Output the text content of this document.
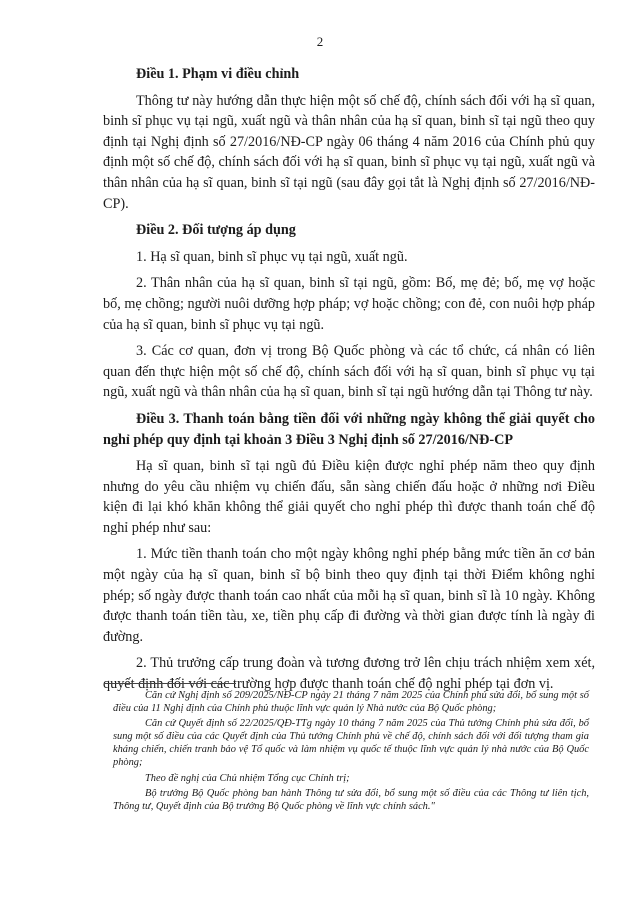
2

Điều 1. Phạm vi điều chỉnh

Thông tư này hướng dẫn thực hiện một số chế độ, chính sách đối với hạ sĩ quan, binh sĩ phục vụ tại ngũ, xuất ngũ và thân nhân của hạ sĩ quan, binh sĩ tại ngũ theo quy định tại Nghị định số 27/2016/NĐ-CP ngày 06 tháng 4 năm 2016 của Chính phủ quy định một số chế độ, chính sách đối với hạ sĩ quan, binh sĩ phục vụ tại ngũ, xuất ngũ và thân nhân của hạ sĩ quan, binh sĩ tại ngũ (sau đây gọi tắt là Nghị định số 27/2016/NĐ-CP).

Điều 2. Đối tượng áp dụng

1. Hạ sĩ quan, binh sĩ phục vụ tại ngũ, xuất ngũ.

2. Thân nhân của hạ sĩ quan, binh sĩ tại ngũ, gồm: Bố, mẹ đẻ; bố, mẹ vợ hoặc bố, mẹ chồng; người nuôi dưỡng hợp pháp; vợ hoặc chồng; con đẻ, con nuôi hợp pháp của hạ sĩ quan, binh sĩ phục vụ tại ngũ.

3. Các cơ quan, đơn vị trong Bộ Quốc phòng và các tổ chức, cá nhân có liên quan đến thực hiện một số chế độ, chính sách đối với hạ sĩ quan, binh sĩ phục vụ tại ngũ, xuất ngũ và thân nhân của hạ sĩ quan, binh sĩ tại ngũ hướng dẫn tại Thông tư này.

Điều 3. Thanh toán bằng tiền đối với những ngày không thể giải quyết cho nghỉ phép quy định tại khoản 3 Điều 3 Nghị định số 27/2016/NĐ-CP

Hạ sĩ quan, binh sĩ tại ngũ đủ Điều kiện được nghỉ phép năm theo quy định nhưng do yêu cầu nhiệm vụ chiến đấu, sẵn sàng chiến đấu hoặc ở những nơi Điều kiện đi lại khó khăn không thể giải quyết cho nghỉ phép thì được thanh toán chế độ nghỉ phép như sau:

1. Mức tiền thanh toán cho một ngày không nghỉ phép bằng mức tiền ăn cơ bản một ngày của hạ sĩ quan, binh sĩ bộ binh theo quy định tại thời Điểm không nghỉ phép; số ngày được thanh toán cao nhất của mỗi hạ sĩ quan, binh sĩ là 10 ngày. Không được thanh toán tiền tàu, xe, tiền phụ cấp đi đường và thời gian được tính là ngày đi đường.

2. Thủ trưởng cấp trung đoàn và tương đương trở lên chịu trách nhiệm xem xét, quyết định đối với các trường hợp được thanh toán chế độ nghỉ phép tại đơn vị.

Căn cứ Nghị định số 209/2025/NĐ-CP ngày 21 tháng 7 năm 2025 của Chính phủ sửa đổi, bổ sung một số điều của 11 Nghị định của Chính phủ thuộc lĩnh vực quản lý Nhà nước của Bộ Quốc phòng;

Căn cứ Quyết định số 22/2025/QĐ-TTg ngày 10 tháng 7 năm 2025 của Thủ tướng Chính phủ sửa đổi, bổ sung một số điều của các Quyết định của Thủ tướng Chính phủ về chế độ, chính sách đối với đối tượng tham gia kháng chiến, chiến tranh bảo vệ Tổ quốc và làm nhiệm vụ quốc tế thuộc lĩnh vực quản lý nhà nước của Bộ Quốc phòng;

Theo đề nghị của Chủ nhiệm Tổng cục Chính trị;

Bộ trưởng Bộ Quốc phòng ban hành Thông tư sửa đổi, bổ sung một số điều của các Thông tư liên tịch, Thông tư, Quyết định của Bộ trưởng Bộ Quốc phòng về lĩnh vực chính sách."
